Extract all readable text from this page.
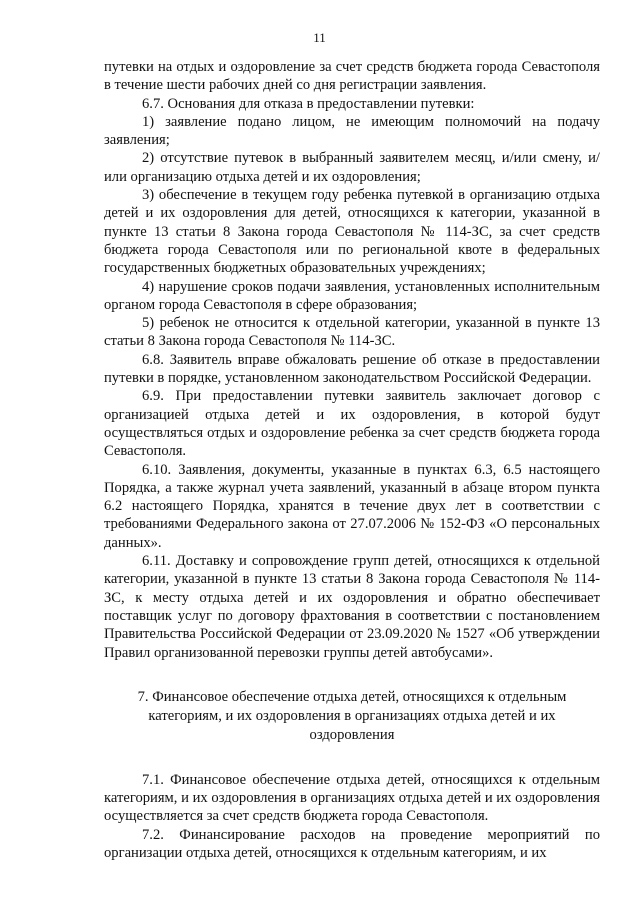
11

путевки на отдых и оздоровление за счет средств бюджета города Севастополя в течение шести рабочих дней со дня регистрации заявления.

6.7. Основания для отказа в предоставлении путевки:

1) заявление подано лицом, не имеющим полномочий на подачу заявления;

2) отсутствие путевок в выбранный заявителем месяц, и/или смену, и/или организацию отдыха детей и их оздоровления;

3) обеспечение в текущем году ребенка путевкой в организацию отдыха детей и их оздоровления для детей, относящихся к категории, указанной в пункте 13 статьи 8 Закона города Севастополя № 114-ЗС, за счет средств бюджета города Севастополя или по региональной квоте в федеральных государственных бюджетных образовательных учреждениях;

4) нарушение сроков подачи заявления, установленных исполнительным органом города Севастополя в сфере образования;

5) ребенок не относится к отдельной категории, указанной в пункте 13 статьи 8 Закона города Севастополя № 114-ЗС.

6.8. Заявитель вправе обжаловать решение об отказе в предоставлении путевки в порядке, установленном законодательством Российской Федерации.

6.9. При предоставлении путевки заявитель заключает договор с организацией отдыха детей и их оздоровления, в которой будут осуществляться отдых и оздоровление ребенка за счет средств бюджета города Севастополя.

6.10. Заявления, документы, указанные в пунктах 6.3, 6.5 настоящего Порядка, а также журнал учета заявлений, указанный в абзаце втором пункта 6.2 настоящего Порядка, хранятся в течение двух лет в соответствии с требованиями Федерального закона от 27.07.2006 № 152-ФЗ «О персональных данных».

6.11. Доставку и сопровождение групп детей, относящихся к отдельной категории, указанной в пункте 13 статьи 8 Закона города Севастополя № 114-ЗС, к месту отдыха детей и их оздоровления и обратно обеспечивает поставщик услуг по договору фрахтования в соответствии с постановлением Правительства Российской Федерации от 23.09.2020 № 1527 «Об утверждении Правил организованной перевозки группы детей автобусами».

7. Финансовое обеспечение отдыха детей, относящихся к отдельным категориям, и их оздоровления в организациях отдыха детей и их оздоровления

7.1. Финансовое обеспечение отдыха детей, относящихся к отдельным категориям, и их оздоровления в организациях отдыха детей и их оздоровления осуществляется за счет средств бюджета города Севастополя.

7.2. Финансирование расходов на проведение мероприятий по организации отдыха детей, относящихся к отдельным категориям, и их
